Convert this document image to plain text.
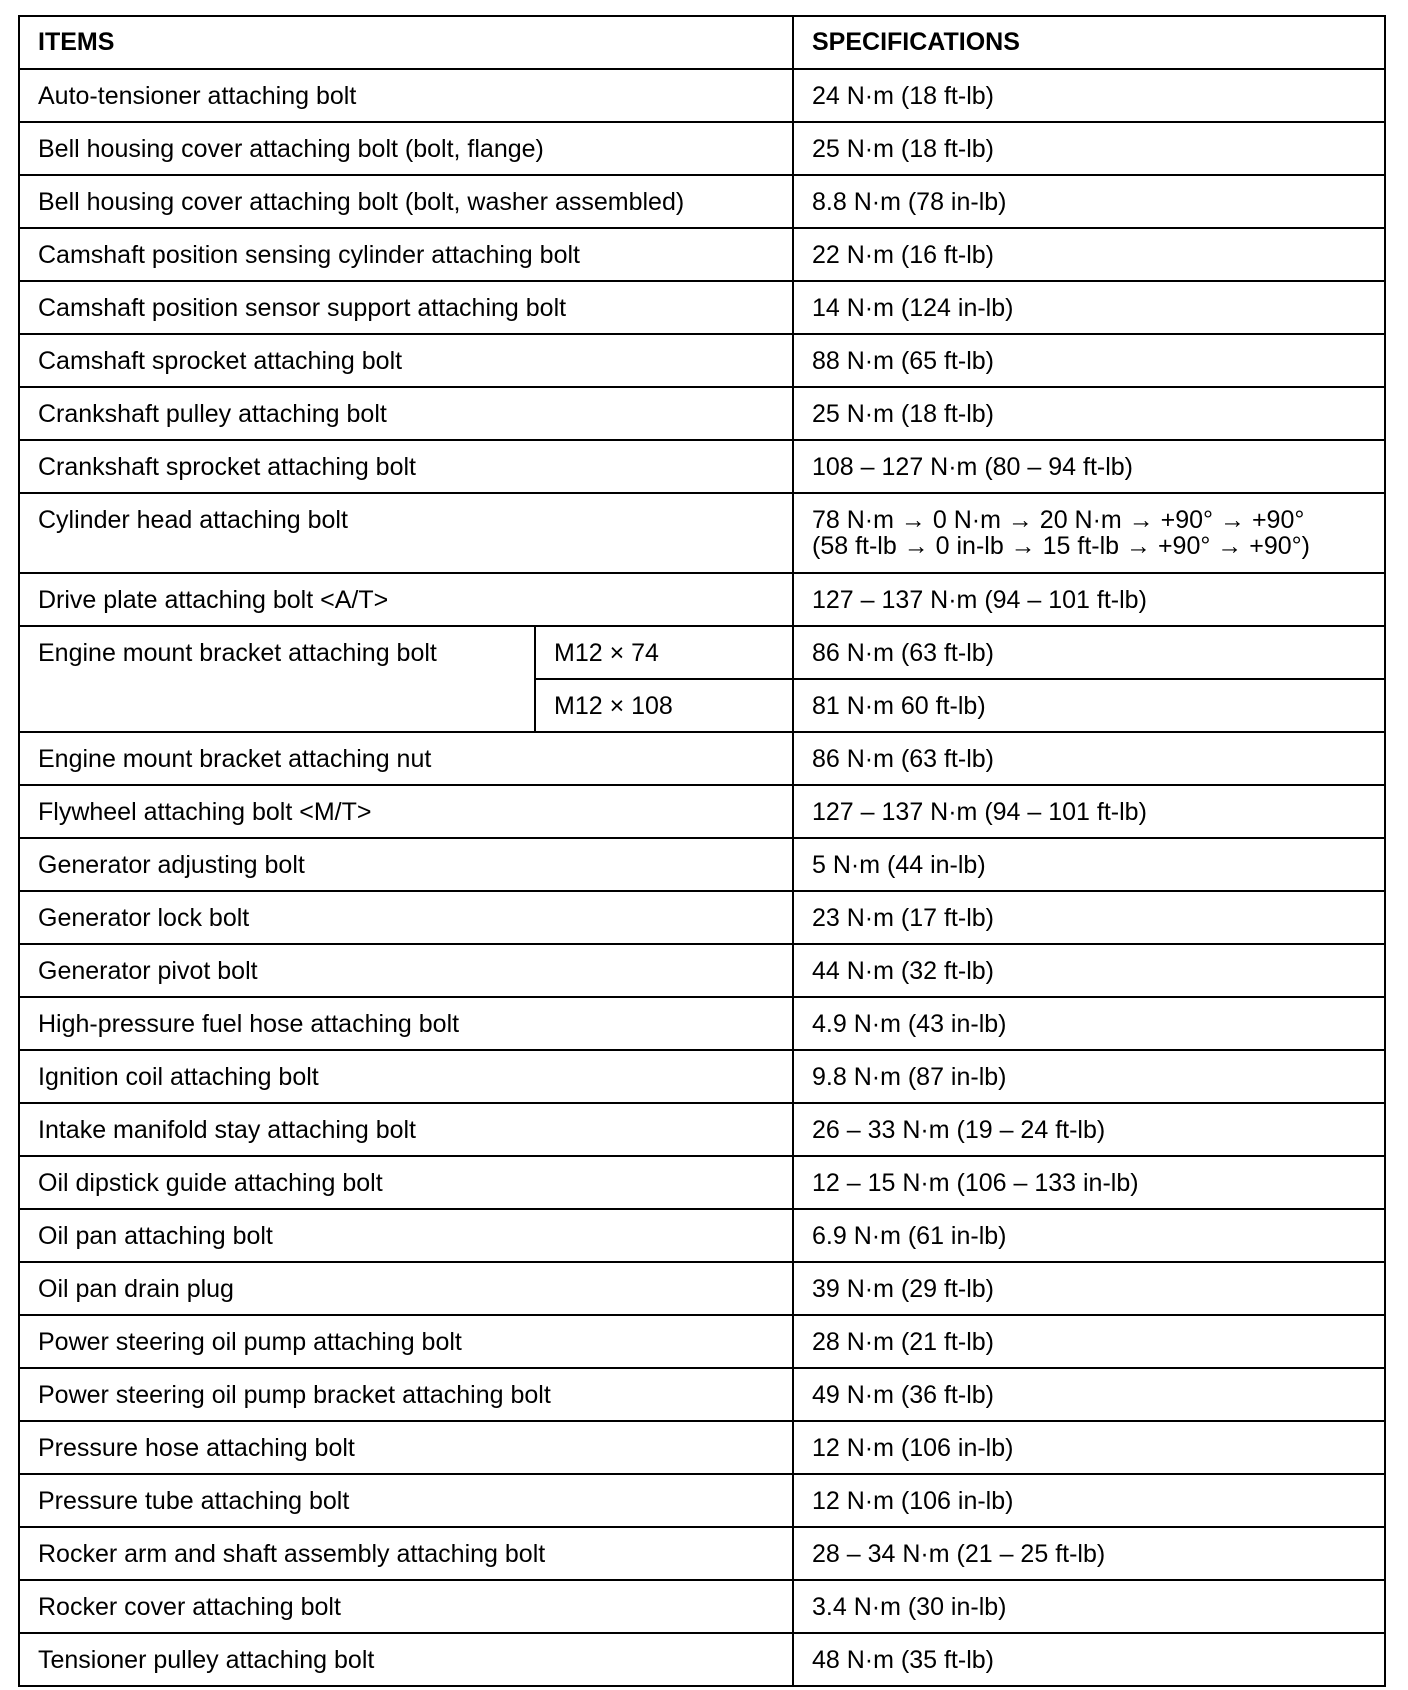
ITEMS		SPECIFICATIONS
Auto-tensioner attaching bolt		24 N·m (18 ft-lb)
Bell housing cover attaching bolt (bolt, flange)		25 N·m (18 ft-lb)
Bell housing cover attaching bolt (bolt, washer assembled)		8.8 N·m (78 in-lb)
Camshaft position sensing cylinder attaching bolt		22 N·m (16 ft-lb)
Camshaft position sensor support attaching bolt		14 N·m (124 in-lb)
Camshaft sprocket attaching bolt		88 N·m (65 ft-lb)
Crankshaft pulley attaching bolt		25 N·m (18 ft-lb)
Crankshaft sprocket attaching bolt		108 – 127 N·m (80 – 94 ft-lb)
Cylinder head attaching bolt		78 N·m → 0 N·m → 20 N·m → +90° → +90°
(58 ft-lb → 0 in-lb → 15 ft-lb → +90° → +90°)

Drive plate attaching bolt <A/T>		127 – 137 N·m (94 – 101 ft-lb)
Engine mount bracket attaching bolt	M12 × 74	86 N·m (63 ft-lb)
	M12 × 108	81 N·m 60 ft-lb)
Engine mount bracket attaching nut		86 N·m (63 ft-lb)
Flywheel attaching bolt <M/T>		127 – 137 N·m (94 – 101 ft-lb)
Generator adjusting bolt		5 N·m (44 in-lb)
Generator lock bolt		23 N·m (17 ft-lb)
Generator pivot bolt		44 N·m (32 ft-lb)
High-pressure fuel hose attaching bolt		4.9 N·m (43 in-lb)
Ignition coil attaching bolt		9.8 N·m (87 in-lb)
Intake manifold stay attaching bolt		26 – 33 N·m (19 – 24 ft-lb)
Oil dipstick guide attaching bolt		12 – 15 N·m (106 – 133 in-lb)
Oil pan attaching bolt		6.9 N·m (61 in-lb)
Oil pan drain plug		39 N·m (29 ft-lb)
Power steering oil pump attaching bolt		28 N·m (21 ft-lb)
Power steering oil pump bracket attaching bolt		49 N·m (36 ft-lb)
Pressure hose attaching bolt		12 N·m (106 in-lb)
Pressure tube attaching bolt		12 N·m (106 in-lb)
Rocker arm and shaft assembly attaching bolt		28 – 34 N·m (21 – 25 ft-lb)
Rocker cover attaching bolt		3.4 N·m (30 in-lb)
Tensioner pulley attaching bolt		48 N·m (35 ft-lb)
